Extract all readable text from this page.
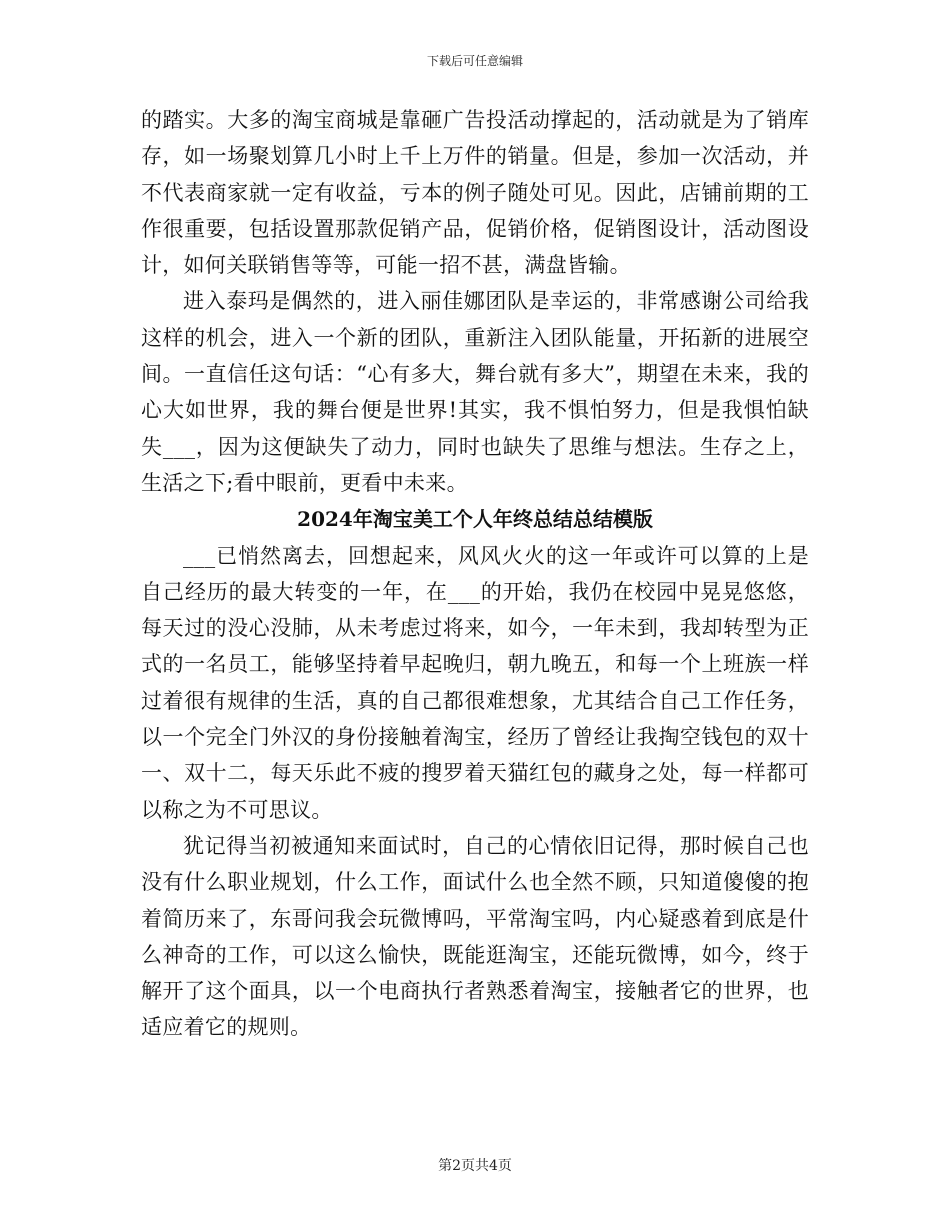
下载后可任意编辑

的踏实。大多的淘宝商城是靠砸广告投活动撑起的，活动就是为了销库存，如一场聚划算几小时上千上万件的销量。但是，参加一次活动，并不代表商家就一定有收益，亏本的例子随处可见。因此，店铺前期的工作很重要，包括设置那款促销产品，促销价格，促销图设计，活动图设计，如何关联销售等等，可能一招不甚，满盘皆输。

进入泰玛是偶然的，进入丽佳娜团队是幸运的，非常感谢公司给我这样的机会，进入一个新的团队，重新注入团队能量，开拓新的进展空间。一直信任这句话：“心有多大，舞台就有多大”，期望在未来，我的心大如世界，我的舞台便是世界!其实，我不惧怕努力，但是我惧怕缺失___，因为这便缺失了动力，同时也缺失了思维与想法。生存之上，生活之下;看中眼前，更看中未来。

2024年淘宝美工个人年终总结总结模版

___已悄然离去，回想起来，风风火火的这一年或许可以算的上是自己经历的最大转变的一年，在___的开始，我仍在校园中晃晃悠悠，每天过的没心没肺，从未考虑过将来，如今，一年未到，我却转型为正式的一名员工，能够坚持着早起晚归，朝九晚五，和每一个上班族一样过着很有规律的生活，真的自己都很难想象，尤其结合自己工作任务，以一个完全门外汉的身份接触着淘宝，经历了曾经让我掏空钱包的双十一、双十二，每天乐此不疲的搜罗着天猫红包的藏身之处，每一样都可以称之为不可思议。

犹记得当初被通知来面试时，自己的心情依旧记得，那时候自己也没有什么职业规划，什么工作，面试什么也全然不顾，只知道傻傻的抱着简历来了，东哥问我会玩微博吗，平常淘宝吗，内心疑惑着到底是什么神奇的工作，可以这么愉快，既能逛淘宝，还能玩微博，如今，终于解开了这个面具，以一个电商执行者熟悉着淘宝，接触者它的世界，也适应着它的规则。

第2页共4页
